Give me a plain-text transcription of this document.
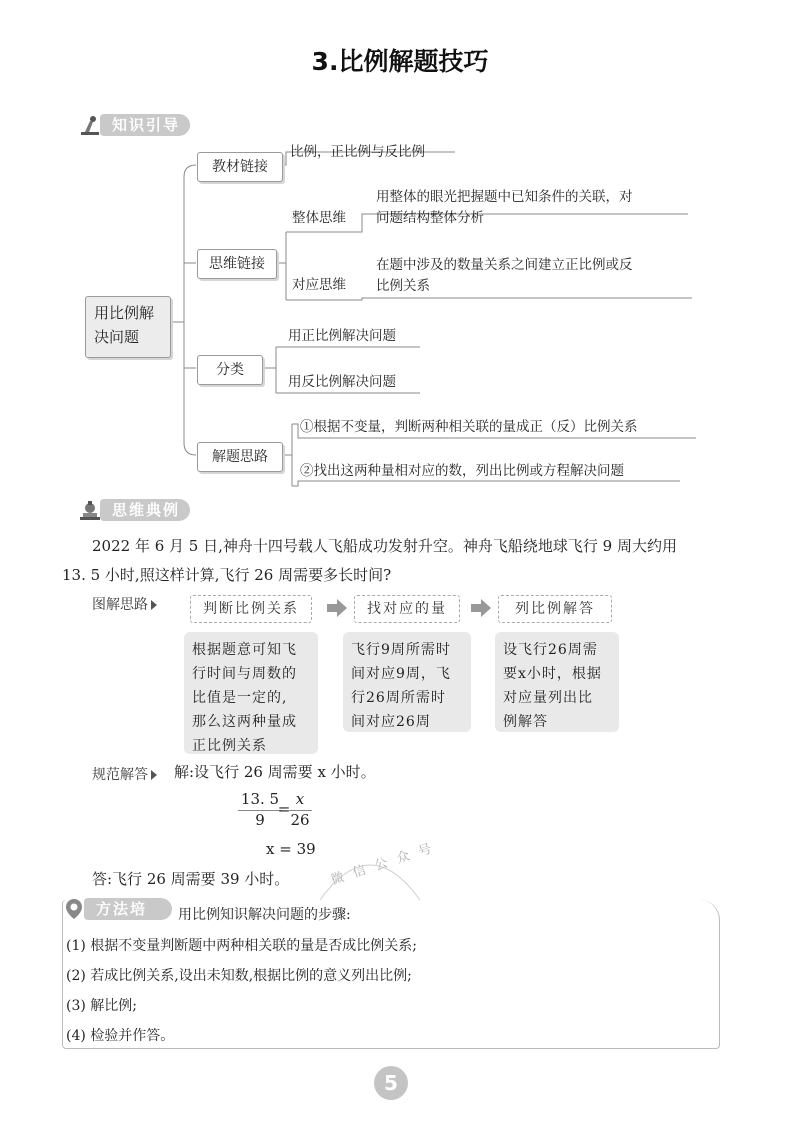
3.比例解题技巧
知识引导
用比例解
决问题
教材链接
比例，正比例与反比例
思维链接
整体思维
用整体的眼光把握题中已知条件的关联，对
问题结构整体分析
对应思维
在题中涉及的数量关系之间建立正比例或反
比例关系
分类
用正比例解决问题
用反比例解决问题
解题思路
①根据不变量，判断两种相关联的量成正（反）比例关系
②找出这两种量相对应的数，列出比例或方程解决问题
思维典例
2022 年 6 月 5 日,神舟十四号载人飞船成功发射升空。神舟飞船绕地球飞行 9 周大约用
13. 5 小时,照这样计算,飞行 26 周需要多长时间?
图解思路	判断比例关系	找对应的量	列比例解答
根据题意可知飞
行时间与周数的
比值是一定的,
那么这两种量成
正比例关系
飞行9周所需时
间对应9周，飞
行26周所需时
间对应26周
设飞行26周需
要x小时，根据
对应量列出比
例解答
规范解答	解:设飞行 26 周需要 x 小时。
$\frac{13. 5}{9}$
=
$\frac{x}{26}$
x = 39
答:飞行 26 周需要 39 小时。	微信公众号
方法培优
用比例知识解决问题的步骤:
(1) 根据不变量判断题中两种相关联的量是否成比例关系;
(2) 若成比例关系,设出未知数,根据比例的意义列出比例;
(3) 解比例;
(4) 检验并作答。
5
